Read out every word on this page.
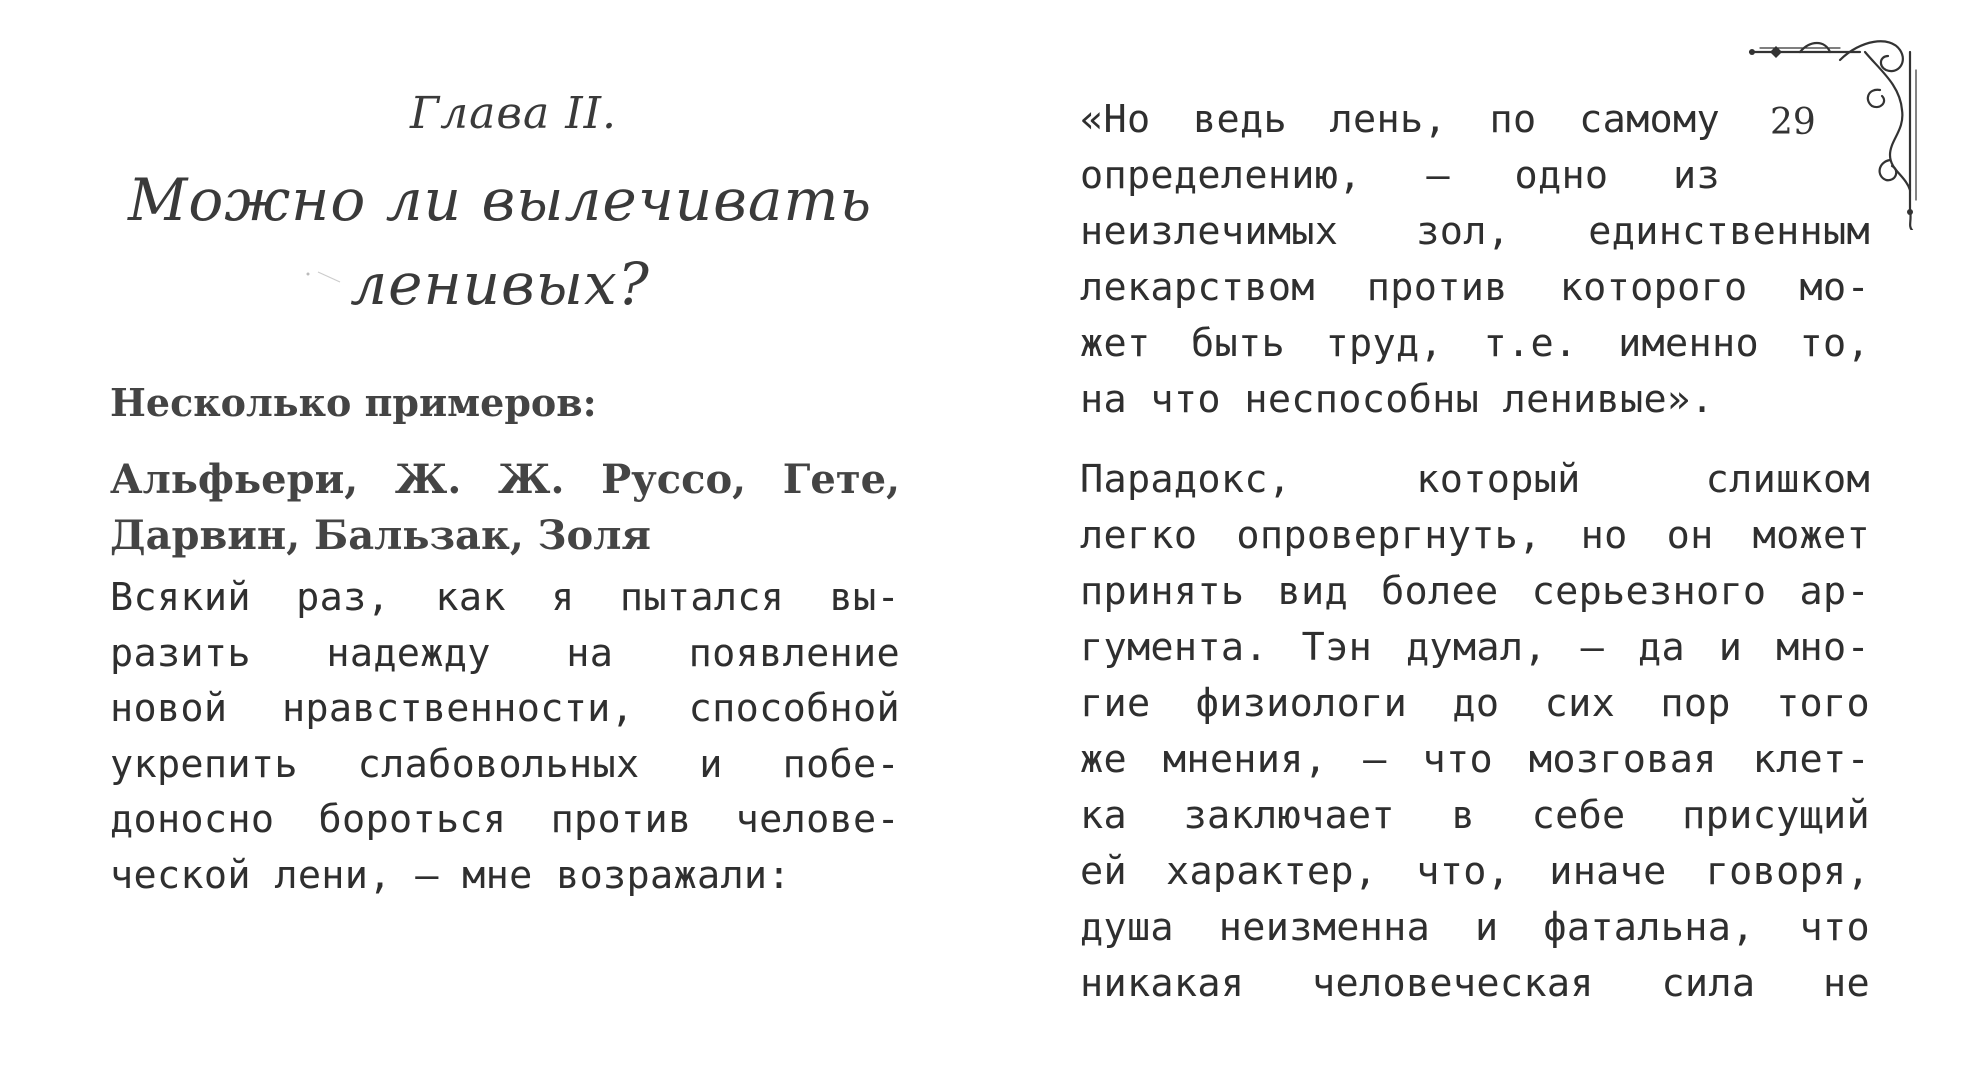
Глава II.
Можно ли вылечивать
ленивых?

Несколько примеров:

Альфьери, Ж. Ж. Руссо, Гете,
Дарвин, Бальзак, Золя
Всякий раз, как я пытался вы-
разить надежду на появление
новой нравственности, способной
укрепить слабовольных и побе-
доносно бороться против челове-
ческой лени, – мне возражали:

29

«Но ведь лень, по самому
определению, – одно из
неизлечимых зол, единственным
лекарством против которого мо-
жет быть труд, т.е. именно то,
на что неспособны ленивые».
Парадокс, который слишком
легко опровергнуть, но он может
принять вид более серьезного ар-
гумента. Тэн думал, – да и мно-
гие физиологи до сих пор того
же мнения, – что мозговая клет-
ка заключает в себе присущий
ей характер, что, иначе говоря,
душа неизменна и фатальна, что
никакая человеческая сила не
